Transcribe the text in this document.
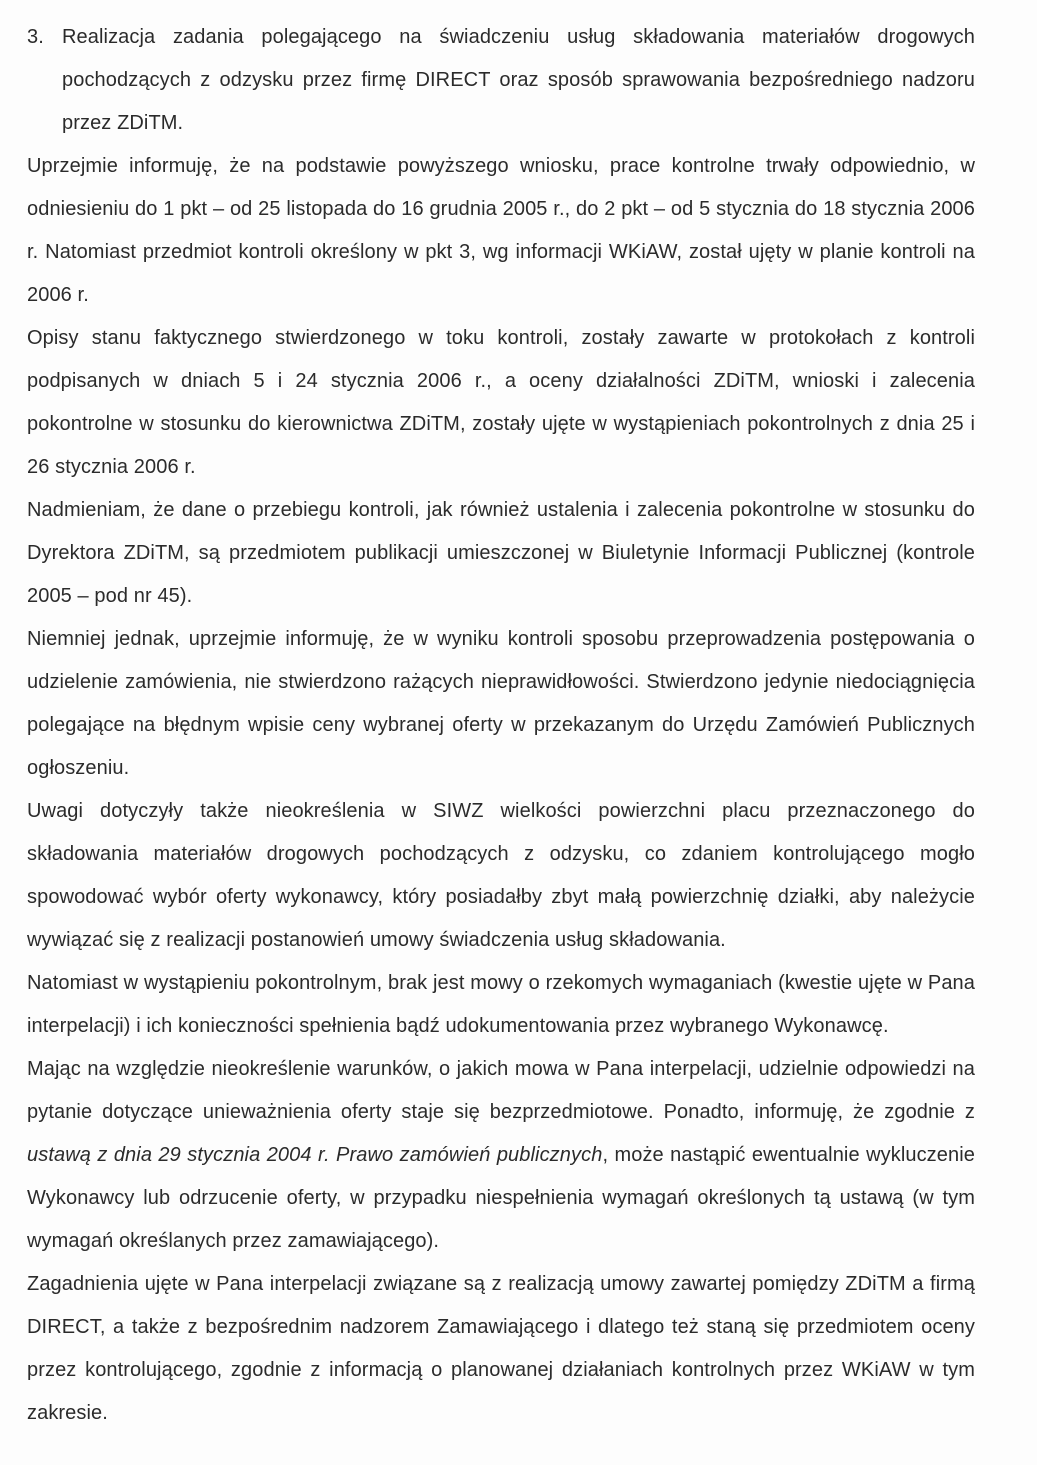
3. Realizacja zadania polegającego na świadczeniu usług składowania materiałów drogowych pochodzących z odzysku przez firmę DIRECT oraz sposób sprawowania bezpośredniego nadzoru przez ZDiTM.

Uprzejmie informuję, że na podstawie powyższego wniosku, prace kontrolne trwały odpowiednio, w odniesieniu do 1 pkt – od 25 listopada do 16 grudnia 2005 r., do 2 pkt – od 5 stycznia do 18 stycznia 2006 r. Natomiast przedmiot kontroli określony w pkt 3, wg informacji WKiAW, został ujęty w planie kontroli na 2006 r.

Opisy stanu faktycznego stwierdzonego w toku kontroli, zostały zawarte w protokołach z kontroli podpisanych w dniach 5 i 24 stycznia 2006 r., a oceny działalności ZDiTM, wnioski i zalecenia pokontrolne w stosunku do kierownictwa ZDiTM, zostały ujęte w wystąpieniach pokontrolnych z dnia 25 i 26 stycznia 2006 r.

Nadmieniam, że dane o przebiegu kontroli, jak również ustalenia i zalecenia pokontrolne w stosunku do Dyrektora ZDiTM, są przedmiotem publikacji umieszczonej w Biuletynie Informacji Publicznej (kontrole 2005 – pod nr 45).

Niemniej jednak, uprzejmie informuję, że w wyniku kontroli sposobu przeprowadzenia postępowania o udzielenie zamówienia, nie stwierdzono rażących nieprawidłowości. Stwierdzono jedynie niedociągnięcia polegające na błędnym wpisie ceny wybranej oferty w przekazanym do Urzędu Zamówień Publicznych ogłoszeniu.

Uwagi dotyczyły także nieokreślenia w SIWZ wielkości powierzchni placu przeznaczonego do składowania materiałów drogowych pochodzących z odzysku, co zdaniem kontrolującego mogło spowodować wybór oferty wykonawcy, który posiadałby zbyt małą powierzchnię działki, aby należycie wywiązać się z realizacji postanowień umowy świadczenia usług składowania.

Natomiast w wystąpieniu pokontrolnym, brak jest mowy o rzekomych wymaganiach (kwestie ujęte w Pana interpelacji) i ich konieczności spełnienia bądź udokumentowania przez wybranego Wykonawcę.

Mając na względzie nieokreślenie warunków, o jakich mowa w Pana interpelacji, udzielnie odpowiedzi na pytanie dotyczące unieważnienia oferty staje się bezprzedmiotowe. Ponadto, informuję, że zgodnie z ustawą z dnia 29 stycznia 2004 r. Prawo zamówień publicznych, może nastąpić ewentualnie wykluczenie Wykonawcy lub odrzucenie oferty, w przypadku niespełnienia wymagań określonych tą ustawą (w tym wymagań określanych przez zamawiającego).

Zagadnienia ujęte w Pana interpelacji związane są z realizacją umowy zawartej pomiędzy ZDiTM a firmą DIRECT, a także z bezpośrednim nadzorem Zamawiającego i dlatego też staną się przedmiotem oceny przez kontrolującego, zgodnie z informacją o planowanej działaniach kontrolnych przez WKiAW w tym zakresie.
